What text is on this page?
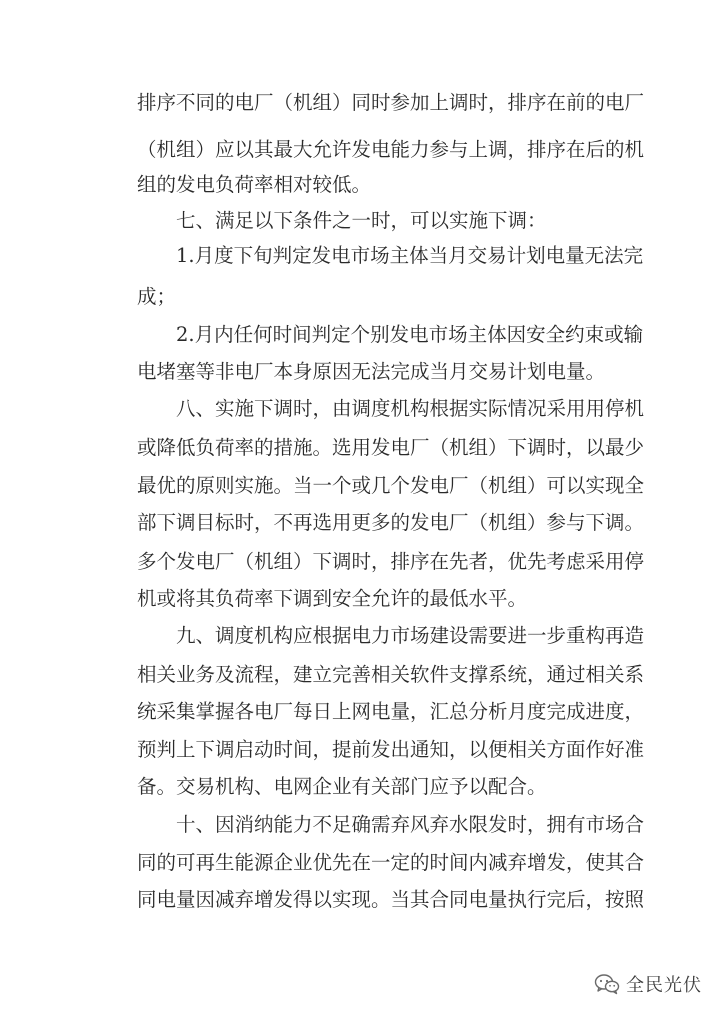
排序不同的电厂（机组）同时参加上调时，排序在前的电厂
（机组）应以其最大允许发电能力参与上调，排序在后的机
组的发电负荷率相对较低。
七、满足以下条件之一时，可以实施下调：
1.月度下旬判定发电市场主体当月交易计划电量无法完
成；
2.月内任何时间判定个别发电市场主体因安全约束或输
电堵塞等非电厂本身原因无法完成当月交易计划电量。
八、实施下调时，由调度机构根据实际情况采用用停机
或降低负荷率的措施。选用发电厂（机组）下调时，以最少
最优的原则实施。当一个或几个发电厂（机组）可以实现全
部下调目标时，不再选用更多的发电厂（机组）参与下调。
多个发电厂（机组）下调时，排序在先者，优先考虑采用停
机或将其负荷率下调到安全允许的最低水平。
九、调度机构应根据电力市场建设需要进一步重构再造
相关业务及流程，建立完善相关软件支撑系统，通过相关系
统采集掌握各电厂每日上网电量，汇总分析月度完成进度，
预判上下调启动时间，提前发出通知，以便相关方面作好准
备。交易机构、电网企业有关部门应予以配合。
十、因消纳能力不足确需弃风弃水限发时，拥有市场合
同的可再生能源企业优先在一定的时间内减弃增发，使其合
同电量因减弃增发得以实现。当其合同电量执行完后，按照
全民光伏
